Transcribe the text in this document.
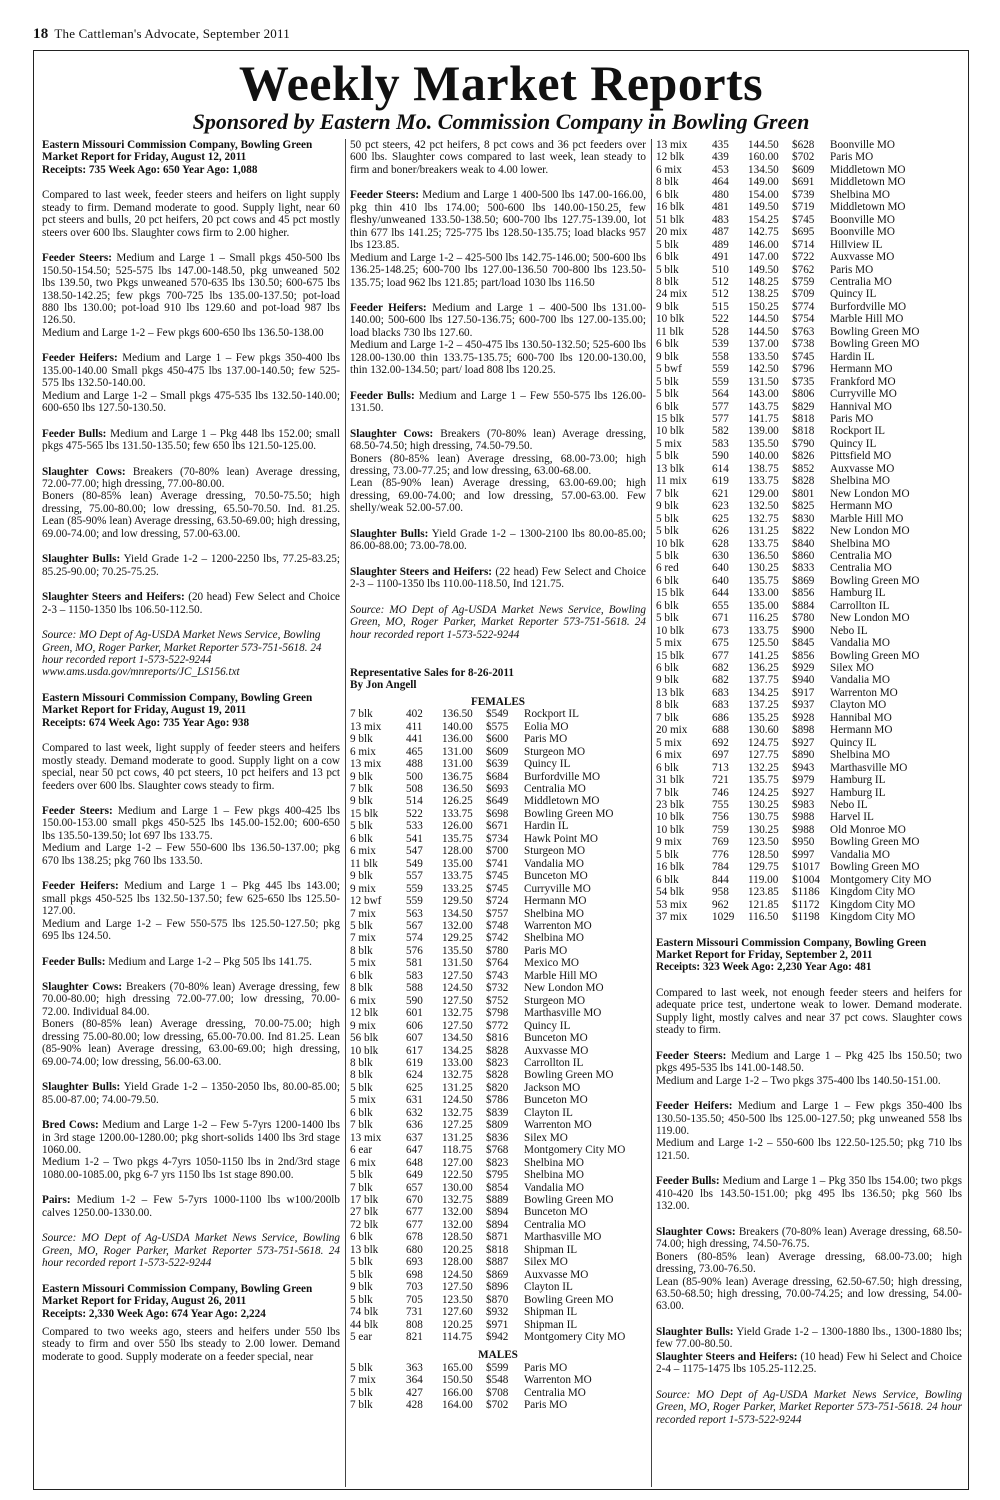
18 The Cattleman's Advocate, September 2011
Weekly Market Reports
Sponsored by Eastern Mo. Commission Company in Bowling Green

Eastern Missouri Commission Company, Bowling Green

Market Report for Friday, August 12, 2011

Receipts: 735 Week Ago: 650 Year Ago: 1,088

Compared to last week, feeder steers and heifers on light supply steady to firm. Demand moderate to good. Supply light, near 60 pct steers and bulls, 20 pct heifers, 20 pct cows and 45 pct mostly steers over 600 lbs. Slaughter cows firm to 2.00 higher.

Feeder Steers: Medium and Large 1 – Small pkgs 450-500 lbs 150.50-154.50; 525-575 lbs 147.00-148.50, pkg unweaned 502 lbs 139.50, two Pkgs unweaned 570-635 lbs 130.50; 600-675 lbs 138.50-142.25; few pkgs 700-725 lbs 135.00-137.50; pot-load 880 lbs 130.00; pot-load 910 lbs 129.60 and pot-load 987 lbs 126.50.

Medium and Large 1-2 – Few pkgs 600-650 lbs 136.50-138.00

Feeder Heifers: Medium and Large 1 – Few pkgs 350-400 lbs 135.00-140.00 Small pkgs 450-475 lbs 137.00-140.50; few 525-575 lbs 132.50-140.00.

Medium and Large 1-2 – Small pkgs 475-535 lbs 132.50-140.00; 600-650 lbs 127.50-130.50.

Feeder Bulls: Medium and Large 1 – Pkg 448 lbs 152.00; small pkgs 475-565 lbs 131.50-135.50; few 650 lbs 121.50-125.00.

Slaughter Cows: Breakers (70-80% lean) Average dressing, 72.00-77.00; high dressing, 77.00-80.00.

Boners (80-85% lean) Average dressing, 70.50-75.50; high dressing, 75.00-80.00; low dressing, 65.50-70.50. Ind. 81.25. Lean (85-90% lean) Average dressing, 63.50-69.00; high dressing, 69.00-74.00; and low dressing, 57.00-63.00.

Slaughter Bulls: Yield Grade 1-2 – 1200-2250 lbs, 77.25-83.25; 85.25-90.00; 70.25-75.25.

Slaughter Steers and Heifers: (20 head) Few Select and Choice 2-3 – 1150-1350 lbs 106.50-112.50.

Source: MO Dept of Ag-USDA Market News Service, Bowling Green, MO, Roger Parker, Market Reporter 573-751-5618. 24 hour recorded report 1-573-522-9244 www.ams.usda.gov/mnreports/JC_LS156.txt

Eastern Missouri Commission Company, Bowling Green

Market Report for Friday, August 19, 2011

Receipts: 674 Week Ago: 735 Year Ago: 938

Compared to last week, light supply of feeder steers and heifers mostly steady. Demand moderate to good. Supply light on a cow special, near 50 pct cows, 40 pct steers, 10 pct heifers and 13 pct feeders over 600 lbs. Slaughter cows steady to firm.

Feeder Steers: Medium and Large 1 – Few pkgs 400-425 lbs 150.00-153.00 small pkgs 450-525 lbs 145.00-152.00; 600-650 lbs 135.50-139.50; lot 697 lbs 133.75.

Medium and Large 1-2 – Few 550-600 lbs 136.50-137.00; pkg 670 lbs 138.25; pkg 760 lbs 133.50.

Feeder Heifers: Medium and Large 1 – Pkg 445 lbs 143.00; small pkgs 450-525 lbs 132.50-137.50; few 625-650 lbs 125.50-127.00.

Medium and Large 1-2 – Few 550-575 lbs 125.50-127.50; pkg 695 lbs 124.50.

Feeder Bulls: Medium and Large 1-2 – Pkg 505 lbs 141.75.

Slaughter Cows: Breakers (70-80% lean) Average dressing, few 70.00-80.00; high dressing 72.00-77.00; low dressing, 70.00-72.00. Individual 84.00.

Boners (80-85% lean) Average dressing, 70.00-75.00; high dressing 75.00-80.00; low dressing, 65.00-70.00. Ind 81.25. Lean (85-90% lean) Average dressing, 63.00-69.00; high dressing, 69.00-74.00; low dressing, 56.00-63.00.

Slaughter Bulls: Yield Grade 1-2 – 1350-2050 lbs, 80.00-85.00; 85.00-87.00; 74.00-79.50.

Bred Cows: Medium and Large 1-2 – Few 5-7yrs 1200-1400 lbs in 3rd stage 1200.00-1280.00; pkg short-solids 1400 lbs 3rd stage 1060.00.

Medium 1-2 – Two pkgs 4-7yrs 1050-1150 lbs in 2nd/3rd stage 1080.00-1085.00, pkg 6-7 yrs 1150 lbs 1st stage 890.00.

Pairs: Medium 1-2 – Few 5-7yrs 1000-1100 lbs w100/200lb calves 1250.00-1330.00.

Source: MO Dept of Ag-USDA Market News Service, Bowling Green, MO, Roger Parker, Market Reporter 573-751-5618. 24 hour recorded report 1-573-522-9244

Eastern Missouri Commission Company, Bowling Green

Market Report for Friday, August 26, 2011

Receipts: 2,330 Week Ago: 674 Year Ago: 2,224

Compared to two weeks ago, steers and heifers under 550 lbs steady to firm and over 550 lbs steady to 2.00 lower. Demand moderate to good. Supply moderate on a feeder special, near

50 pct steers, 42 pct heifers, 8 pct cows and 36 pct feeders over 600 lbs. Slaughter cows compared to last week, lean steady to firm and boner/breakers weak to 4.00 lower.

Feeder Steers: Medium and Large 1 400-500 lbs 147.00-166.00, pkg thin 410 lbs 174.00; 500-600 lbs 140.00-150.25, few fleshy/unweaned 133.50-138.50; 600-700 lbs 127.75-139.00, lot thin 677 lbs 141.25; 725-775 lbs 128.50-135.75; load blacks 957 lbs 123.85.

Medium and Large 1-2 – 425-500 lbs 142.75-146.00; 500-600 lbs 136.25-148.25; 600-700 lbs 127.00-136.50 700-800 lbs 123.50-135.75; load 962 lbs 121.85; part/load 1030 lbs 116.50

Feeder Heifers: Medium and Large 1 – 400-500 lbs 131.00-140.00; 500-600 lbs 127.50-136.75; 600-700 lbs 127.00-135.00; load blacks 730 lbs 127.60.

Medium and Large 1-2 – 450-475 lbs 130.50-132.50; 525-600 lbs 128.00-130.00 thin 133.75-135.75; 600-700 lbs 120.00-130.00, thin 132.00-134.50; part/ load 808 lbs 120.25.

Feeder Bulls: Medium and Large 1 – Few 550-575 lbs 126.00-131.50.

Slaughter Cows: Breakers (70-80% lean) Average dressing, 68.50-74.50; high dressing, 74.50-79.50.

Boners (80-85% lean) Average dressing, 68.00-73.00; high dressing, 73.00-77.25; and low dressing, 63.00-68.00.

Lean (85-90% lean) Average dressing, 63.00-69.00; high dressing, 69.00-74.00; and low dressing, 57.00-63.00. Few shelly/weak 52.00-57.00.

Slaughter Bulls: Yield Grade 1-2 – 1300-2100 lbs 80.00-85.00; 86.00-88.00; 73.00-78.00.

Slaughter Steers and Heifers: (22 head) Few Select and Choice 2-3 – 1100-1350 lbs 110.00-118.50, Ind 121.75.

Source: MO Dept of Ag-USDA Market News Service, Bowling Green, MO, Roger Parker, Market Reporter 573-751-5618. 24 hour recorded report 1-573-522-9244

Representative Sales for 8-26-2011

By Jon Angell

FEMALES
7 blk	402	136.50	$549	Rockport IL
13 mix	411	140.00	$575	Eolia MO
9 blk	441	136.00	$600	Paris MO
6 mix	465	131.00	$609	Sturgeon MO
13 mix	488	131.00	$639	Quincy IL
9 blk	500	136.75	$684	Burfordville MO
7 blk	508	136.50	$693	Centralia MO
9 blk	514	126.25	$649	Middletown MO
15 blk	522	133.75	$698	Bowling Green MO
5 blk	533	126.00	$671	Hardin IL
6 blk	541	135.75	$734	Hawk Point MO
6 mix	547	128.00	$700	Sturgeon MO
11 blk	549	135.00	$741	Vandalia MO
9 blk	557	133.75	$745	Bunceton MO
9 mix	559	133.25	$745	Curryville MO
12 bwf	559	129.50	$724	Hermann MO
7 mix	563	134.50	$757	Shelbina MO
5 blk	567	132.00	$748	Warrenton MO
7 mix	574	129.25	$742	Shelbina MO
8 blk	576	135.50	$780	Paris MO
5 mix	581	131.50	$764	Mexico MO
6 blk	583	127.50	$743	Marble Hill MO
8 blk	588	124.50	$732	New London MO
6 mix	590	127.50	$752	Sturgeon MO
12 blk	601	132.75	$798	Marthasville MO
9 mix	606	127.50	$772	Quincy IL
56 blk	607	134.50	$816	Bunceton MO
10 blk	617	134.25	$828	Auxvasse MO
8 blk	619	133.00	$823	Carrollton IL
8 blk	624	132.75	$828	Bowling Green MO
5 blk	625	131.25	$820	Jackson MO
5 mix	631	124.50	$786	Bunceton MO
6 blk	632	132.75	$839	Clayton IL
7 blk	636	127.25	$809	Warrenton MO
13 mix	637	131.25	$836	Silex MO
6 ear	647	118.75	$768	Montgomery City MO
6 mix	648	127.00	$823	Shelbina MO
5 blk	649	122.50	$795	Shelbina MO
7 blk	657	130.00	$854	Vandalia MO
17 blk	670	132.75	$889	Bowling Green MO
27 blk	677	132.00	$894	Bunceton MO
72 blk	677	132.00	$894	Centralia MO
6 blk	678	128.50	$871	Marthasville MO
13 blk	680	120.25	$818	Shipman IL
5 blk	693	128.00	$887	Silex MO
5 blk	698	124.50	$869	Auxvasse MO
9 blk	703	127.50	$896	Clayton IL
5 blk	705	123.50	$870	Bowling Green MO
74 blk	731	127.60	$932	Shipman IL
44 blk	808	120.25	$971	Shipman IL
5 ear	821	114.75	$942	Montgomery City MO
MALES
5 blk	363	165.00	$599	Paris MO
7 mix	364	150.50	$548	Warrenton MO
5 blk	427	166.00	$708	Centralia MO
7 blk	428	164.00	$702	Paris MO
13 mix	435	144.50	$628	Boonville MO
12 blk	439	160.00	$702	Paris MO
6 mix	453	134.50	$609	Middletown MO
8 blk	464	149.00	$691	Middletown MO
6 blk	480	154.00	$739	Shelbina MO
16 blk	481	149.50	$719	Middletown MO
51 blk	483	154.25	$745	Boonville MO
20 mix	487	142.75	$695	Boonville MO
5 blk	489	146.00	$714	Hillview IL
6 blk	491	147.00	$722	Auxvasse MO
5 blk	510	149.50	$762	Paris MO
8 blk	512	148.25	$759	Centralia MO
24 mix	512	138.25	$709	Quincy IL
9 blk	515	150.25	$774	Burfordville MO
10 blk	522	144.50	$754	Marble Hill MO
11 blk	528	144.50	$763	Bowling Green MO
6 blk	539	137.00	$738	Bowling Green MO
9 blk	558	133.50	$745	Hardin IL
5 bwf	559	142.50	$796	Hermann MO
5 blk	559	131.50	$735	Frankford MO
5 blk	564	143.00	$806	Curryville MO
6 blk	577	143.75	$829	Hannival MO
15 blk	577	141.75	$818	Paris MO
10 blk	582	139.00	$818	Rockport IL
5 mix	583	135.50	$790	Quincy IL
5 blk	590	140.00	$826	Pittsfield MO
13 blk	614	138.75	$852	Auxvasse MO
11 mix	619	133.75	$828	Shelbina MO
7 blk	621	129.00	$801	New London MO
9 blk	623	132.50	$825	Hermann MO
5 blk	625	132.75	$830	Marble Hill MO
5 blk	626	131.25	$822	New London MO
10 blk	628	133.75	$840	Shelbina MO
5 blk	630	136.50	$860	Centralia MO
6 red	640	130.25	$833	Centralia MO
6 blk	640	135.75	$869	Bowling Green MO
15 blk	644	133.00	$856	Hamburg IL
6 blk	655	135.00	$884	Carrollton IL
5 blk	671	116.25	$780	New London MO
10 blk	673	133.75	$900	Nebo IL
5 mix	675	125.50	$845	Vandalia MO
15 blk	677	141.25	$856	Bowling Green MO
6 blk	682	136.25	$929	Silex MO
9 blk	682	137.75	$940	Vandalia MO
13 blk	683	134.25	$917	Warrenton MO
8 blk	683	137.25	$937	Clayton MO
7 blk	686	135.25	$928	Hannibal MO
20 mix	688	130.60	$898	Hermann MO
5 mix	692	124.75	$927	Quincy IL
6 mix	697	127.75	$890	Shelbina MO
6 blk	713	132.25	$943	Marthasville MO
31 blk	721	135.75	$979	Hamburg IL
7 blk	746	124.25	$927	Hamburg IL
23 blk	755	130.25	$983	Nebo IL
10 blk	756	130.75	$988	Harvel IL
10 blk	759	130.25	$988	Old Monroe MO
9 mix	769	123.50	$950	Bowling Green MO
5 blk	776	128.50	$997	Vandalia MO
16 blk	784	129.75	$1017	Bowling Green MO
6 blk	844	119.00	$1004	Montgomery City MO
54 blk	958	123.85	$1186	Kingdom City MO
53 mix	962	121.85	$1172	Kingdom City MO
37 mix	1029	116.50	$1198	Kingdom City MO

Eastern Missouri Commission Company, Bowling Green

Market Report for Friday, September 2, 2011

Receipts: 323 Week Ago: 2,230 Year Ago: 481

Compared to last week, not enough feeder steers and heifers for adequate price test, undertone weak to lower. Demand moderate. Supply light, mostly calves and near 37 pct cows. Slaughter cows steady to firm.

Feeder Steers: Medium and Large 1 – Pkg 425 lbs 150.50; two pkgs 495-535 lbs 141.00-148.50.

Medium and Large 1-2 – Two pkgs 375-400 lbs 140.50-151.00.

Feeder Heifers: Medium and Large 1 – Few pkgs 350-400 lbs 130.50-135.50; 450-500 lbs 125.00-127.50; pkg unweaned 558 lbs 119.00.

Medium and Large 1-2 – 550-600 lbs 122.50-125.50; pkg 710 lbs 121.50.

Feeder Bulls: Medium and Large 1 – Pkg 350 lbs 154.00; two pkgs 410-420 lbs 143.50-151.00; pkg 495 lbs 136.50; pkg 560 lbs 132.00.

Slaughter Cows: Breakers (70-80% lean) Average dressing, 68.50-74.00; high dressing, 74.50-76.75.

Boners (80-85% lean) Average dressing, 68.00-73.00; high dressing, 73.00-76.50.

Lean (85-90% lean) Average dressing, 62.50-67.50; high dressing, 63.50-68.50; high dressing, 70.00-74.25; and low dressing, 54.00-63.00.

Slaughter Bulls: Yield Grade 1-2 – 1300-1880 lbs., 1300-1880 lbs; few 77.00-80.50.

Slaughter Steers and Heifers: (10 head) Few hi Select and Choice 2-4 – 1175-1475 lbs 105.25-112.25.

Source: MO Dept of Ag-USDA Market News Service, Bowling Green, MO, Roger Parker, Market Reporter 573-751-5618. 24 hour recorded report 1-573-522-9244
